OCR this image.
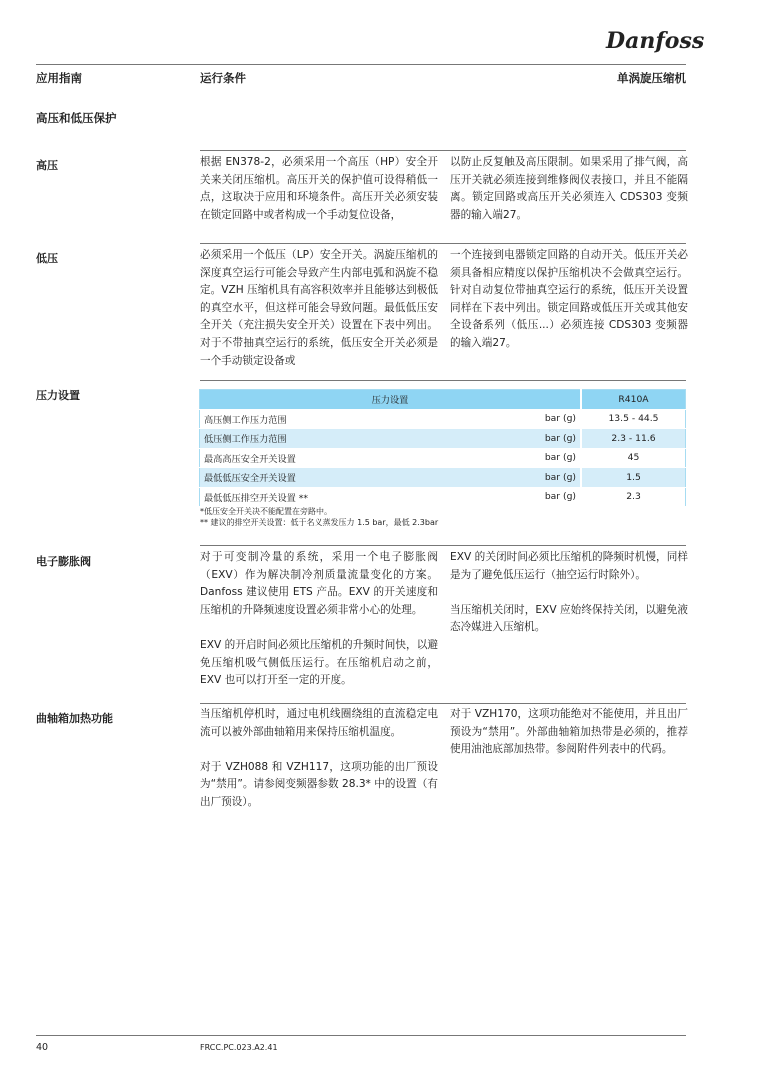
Danfoss
应用指南	运行条件	单涡旋压缩机
高压和低压保护
高压	根据 EN378-2，必须采用一个高压（HP）安全开关来关闭压缩机。高压开关的保护值可设得稍低一点，这取决于应用和环境条件。高压开关必须安装在锁定回路中或者构成一个手动复位设备，

以防止反复触及高压限制。如果采用了排气阀，高压开关就必须连接到维修阀仪表接口，并且不能隔离。锁定回路或高压开关必须连入 CDS303 变频器的输入端27。

低压	必须采用一个低压（LP）安全开关。涡旋压缩机的深度真空运行可能会导致产生内部电弧和涡旋不稳定。VZH 压缩机具有高容积效率并且能够达到极低的真空水平，但这样可能会导致问题。最低低压安全开关（充注损失安全开关）设置在下表中列出。对于不带抽真空运行的系统，低压安全开关必须是一个手动锁定设备或

一个连接到电器锁定回路的自动开关。低压开关必须具备相应精度以保护压缩机决不会做真空运行。针对自动复位带抽真空运行的系统，低压开关设置同样在下表中列出。锁定回路或低压开关或其他安全设备系列（低压...）必须连接 CDS303 变频器的输入端27。

压力设置	压力设置		R410A
高压侧工作压力范围	bar (g)	13.5 - 44.5
低压侧工作压力范围	bar (g)	2.3 - 11.6
最高高压安全开关设置	bar (g)	45
最低低压安全开关设置	bar (g)	1.5
最低低压排空开关设置 **	bar (g)	2.3
*低压安全开关决不能配置在旁路中。
** 建议的排空开关设置：低于名义蒸发压力 1.5 bar，最低 2.3bar
电子膨胀阀	对于可变制冷量的系统，采用一个电子膨胀阀（EXV）作为解决制冷剂质量流量变化的方案。Danfoss 建议使用 ETS 产品。EXV 的开关速度和压缩机的升降频速度设置必须非常小心的处理。

EXV 的开启时间必须比压缩机的升频时间快，以避免压缩机吸气侧低压运行。在压缩机启动之前，EXV 也可以打开至一定的开度。

EXV 的关闭时间必须比压缩机的降频时机慢，同样是为了避免低压运行（抽空运行时除外）。

当压缩机关闭时，EXV 应始终保持关闭，以避免液态冷媒进入压缩机。

曲轴箱加热功能	当压缩机停机时，通过电机线圈绕组的直流稳定电流可以被外部曲轴箱用来保持压缩机温度。

对于 VZH088 和 VZH117，这项功能的出厂预设为“禁用”。请参阅变频器参数 28.3* 中的设置（有出厂预设）。

对于 VZH170，这项功能绝对不能使用，并且出厂预设为“禁用”。外部曲轴箱加热带是必须的，推荐使用油池底部加热带。参阅附件列表中的代码。

40	FRCC.PC.023.A2.41
